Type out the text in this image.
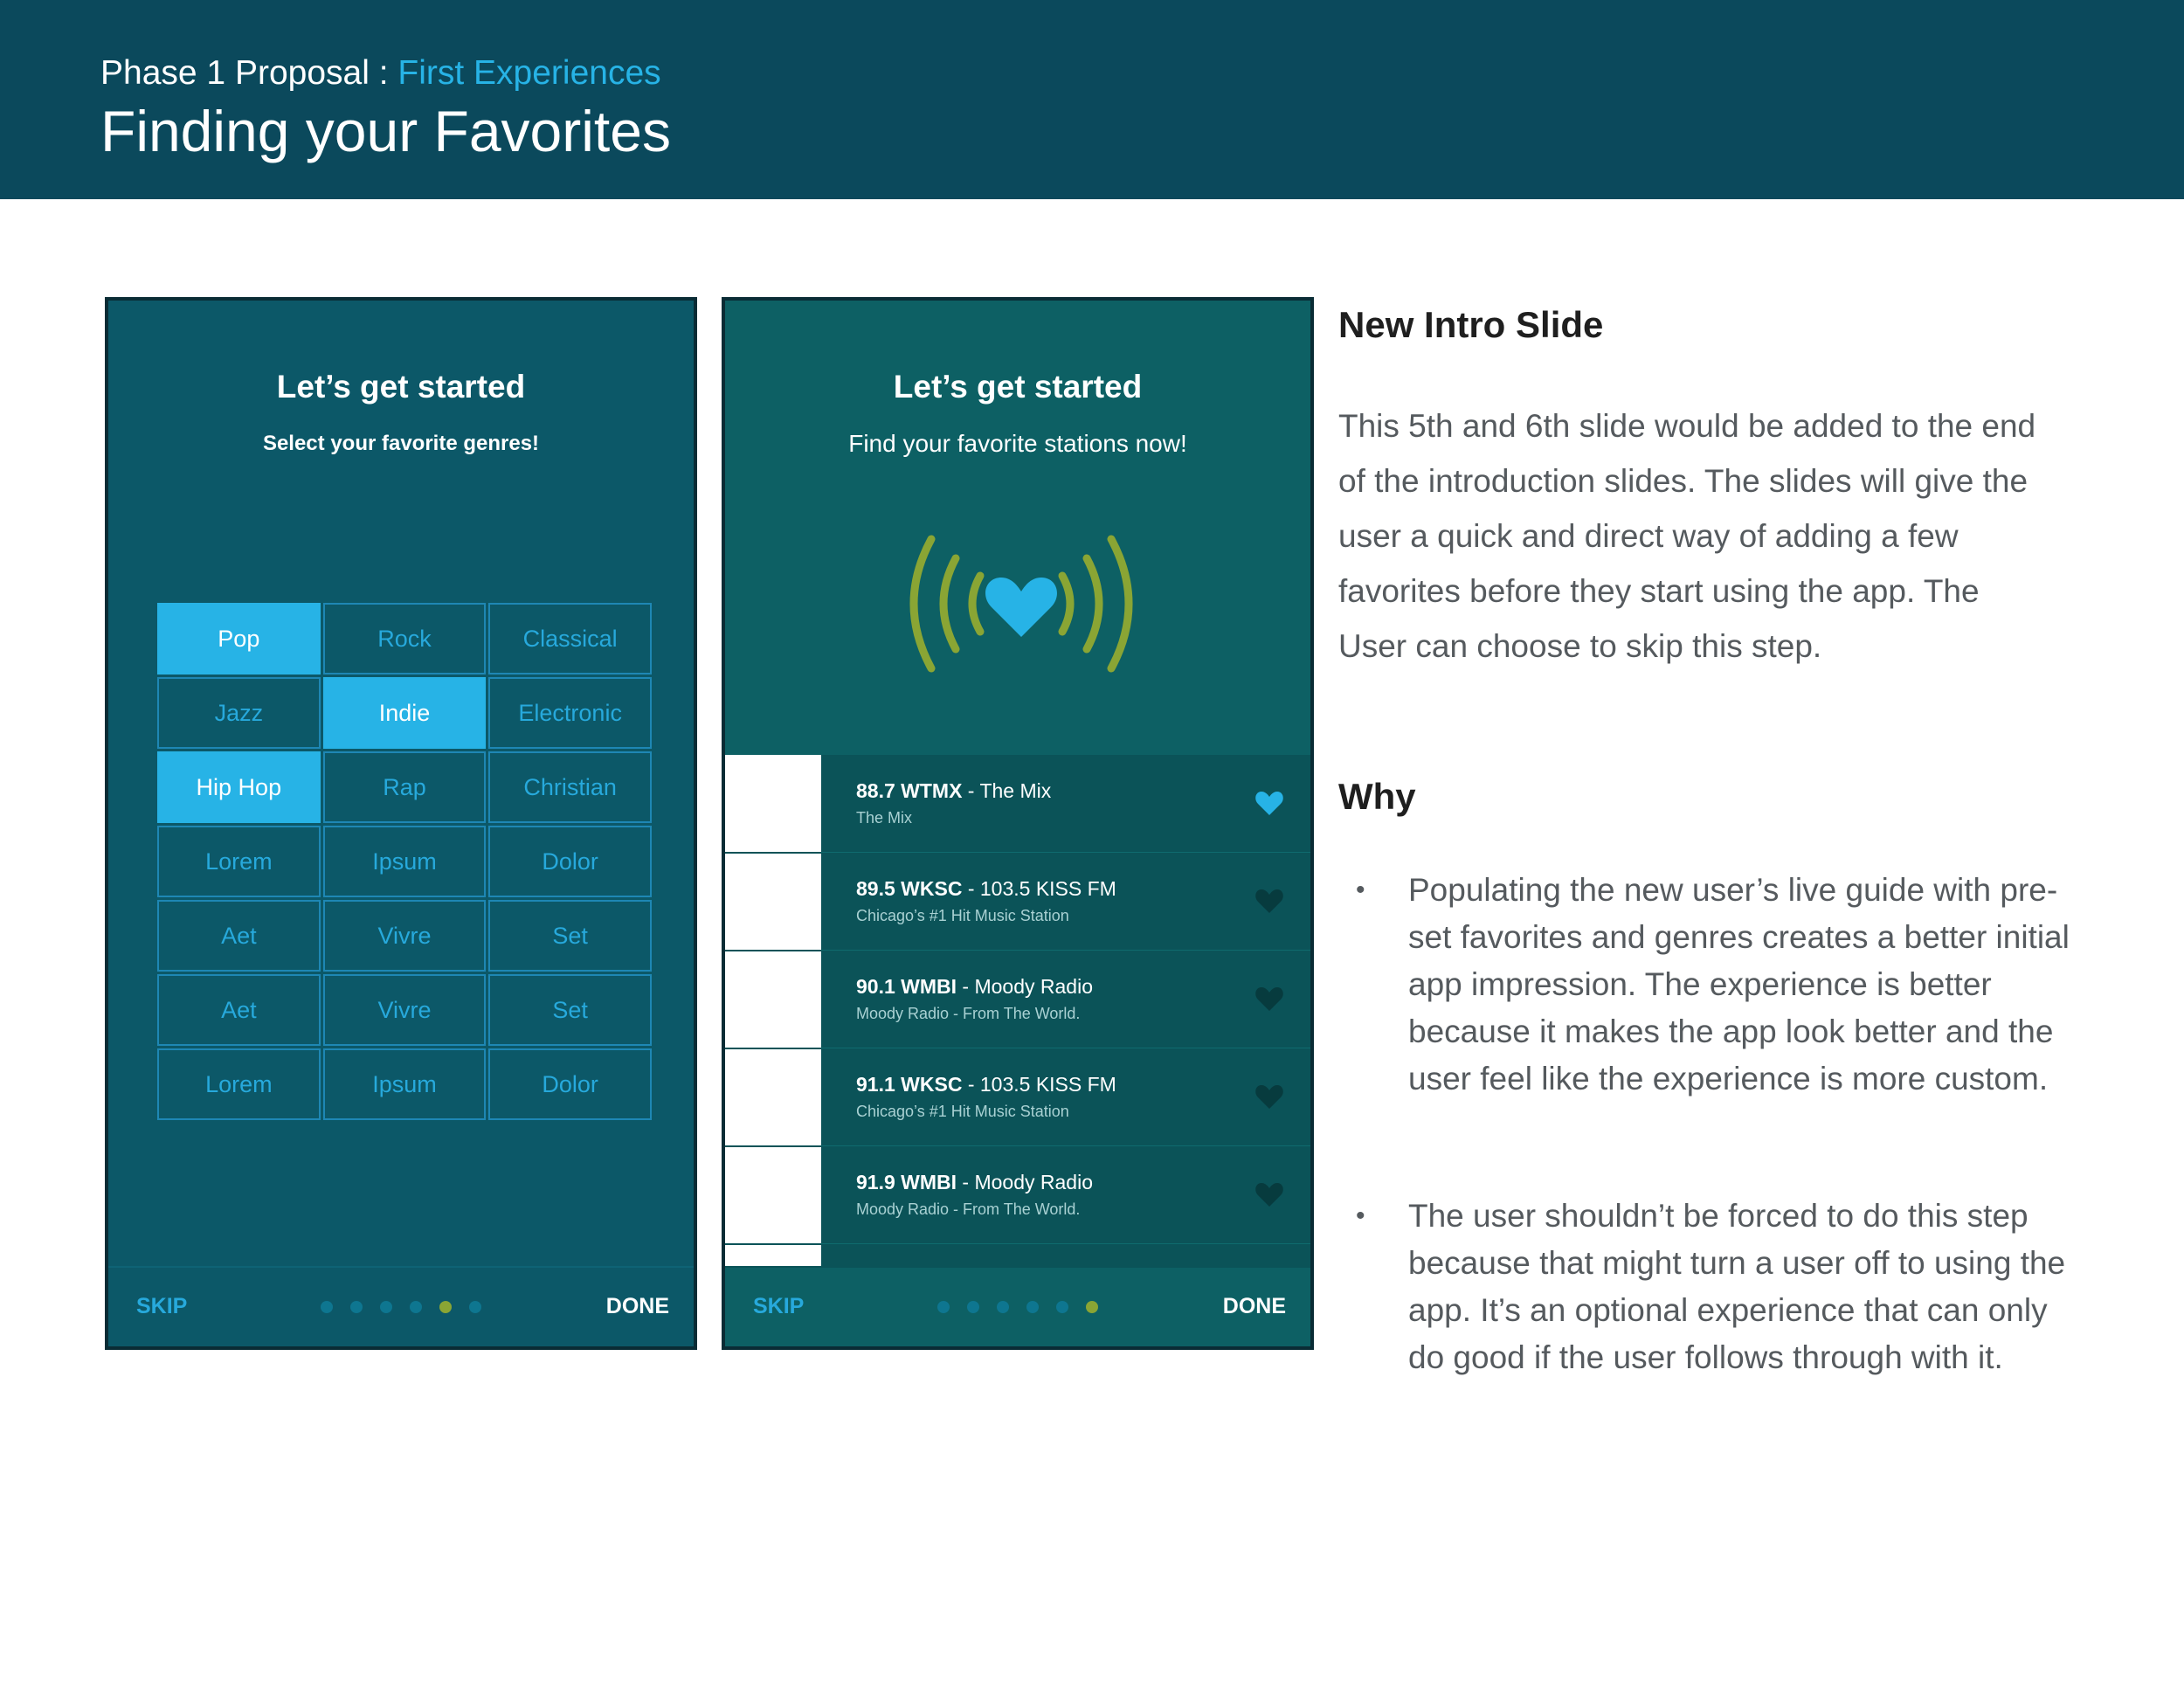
Phase 1 Proposal : First Experiences
Finding your Favorites
Let’s get started
Select your favorite genres!
Pop	Rock	Classical
Jazz	Indie	Electronic
Hip Hop	Rap	Christian
Lorem	Ipsum	Dolor
Aet	Vivre	Set
Aet	Vivre	Set
Lorem	Ipsum	Dolor
SKIP	DONE
Let’s get started
Find your favorite stations now!
88.7 WTMX - The Mix
The Mix
89.5 WKSC - 103.5 KISS FM
Chicago’s #1 Hit Music Station
90.1 WMBI - Moody Radio
Moody Radio - From The World.
91.1 WKSC - 103.5 KISS FM
Chicago’s #1 Hit Music Station
91.9 WMBI - Moody Radio
Moody Radio - From The World.
SKIP	DONE
New Intro Slide
This 5th and 6th slide would be added to the end of the introduction slides. The slides will give the user a quick and direct way of adding a few favorites before they start using the app. The User can choose to skip this step.
Why
• Populating the new user’s live guide with pre-set favorites and genres creates a better initial app impression. The experience is better because it makes the app look better and the user feel like the experience is more custom.
• The user shouldn’t be forced to do this step because that might turn a user off to using the app. It’s an optional experience that can only do good if the user follows through with it.
